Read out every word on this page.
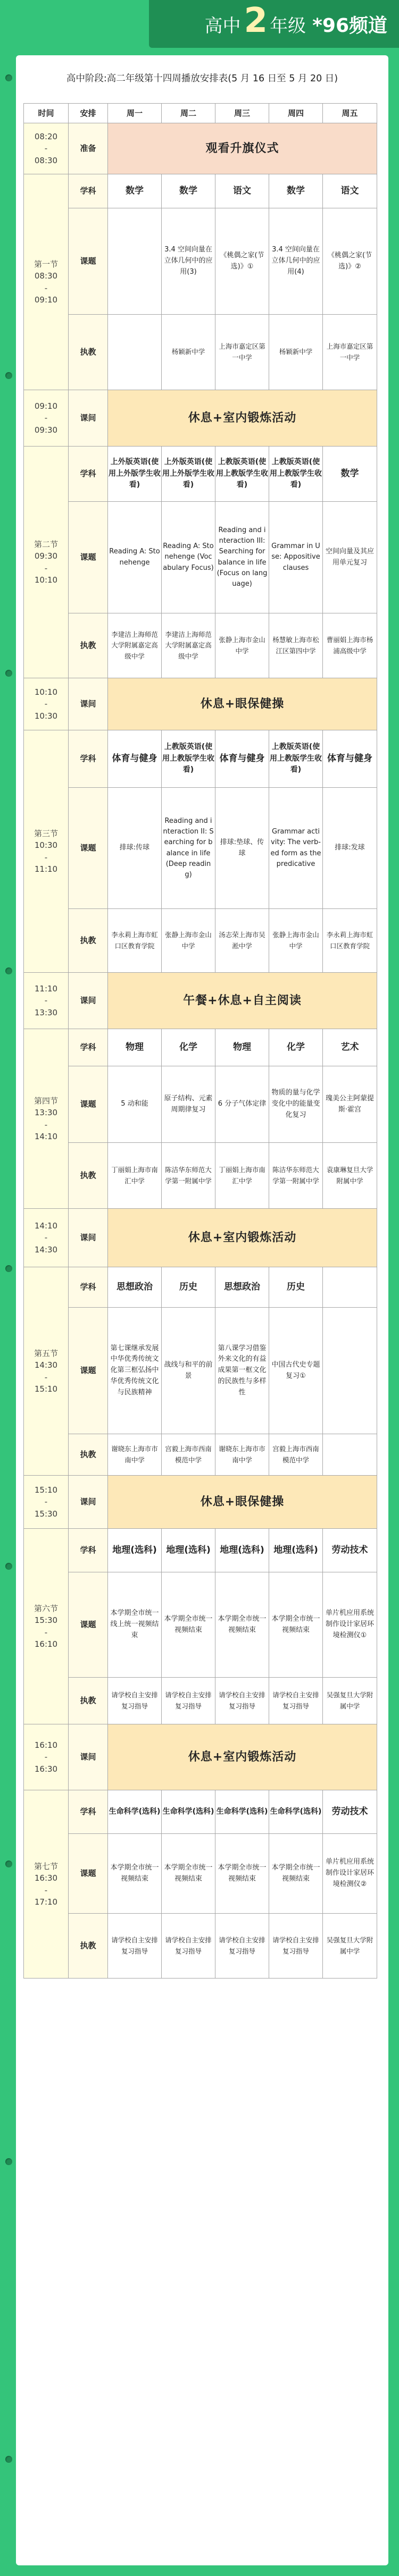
高中 2 年级 *96频道
高中阶段:高二年级第十四周播放安排表(5 月 16 日至 5 月 20 日)
时间	安排	周一	周二	周三	周四	周五
08:20
-
08:30	准备	观看升旗仪式				
第一节
08:30
-
09:10	学科	数学	数学	语文	数学	语文
	课题		3.4 空间向量在立体几何中的应用(3)	《桃偶之家(节选)》①	3.4 空间向量在立体几何中的应用(4)	《桃偶之家(节选)》②
	执教		杨颖新中学	上海市嘉定区第一中学	杨颖新中学	上海市嘉定区第一中学
09:10
-
09:30	课间	休息+室内锻炼活动				
第二节
09:30
-
10:10	学科	上外版英语(使用上外版学生收看)	上外版英语(使用上外版学生收看)	上教版英语(使用上教版学生收看)	上教版英语(使用上教版学生收看)	数学
	课题	Reading A: Stonehenge	Reading A: Stonehenge (Vocabulary Focus)	Reading and interaction III: Searching for balance in life (Focus on language)	Grammar in Use: Appositive clauses	空间向量及其应用单元复习
	执教	李建洁上海师范大学附属嘉定高级中学	李建洁上海师范大学附属嘉定高级中学	张静上海市金山中学	杨慧敏上海市松江区第四中学	曹丽娟上海市杨浦高级中学
10:10
-
10:30	课间	休息+眼保健操				
第三节
10:30
-
11:10	学科	体育与健身	上教版英语(使用上教版学生收看)	体育与健身	上教版英语(使用上教版学生收看)	体育与健身
	课题	排球:传球	Reading and interaction II: Searching for balance in life (Deep reading)	排球:垫球、传球	Grammar activity: The verb-ed form as the predicative	排球:发球
	执教	李永莉上海市虹口区教育学院	张静上海市金山中学	汤志荣上海市吴淞中学	张静上海市金山中学	李永莉上海市虹口区教育学院
11:10
-
13:30	课间	午餐+休息+自主阅读				
第四节
13:30
-
14:10	学科	物理	化学	物理	化学	艺术
	课题	5 动和能	原子结构、元素周期律复习	6 分子气体定律	物质的量与化学变化中的能量变化复习	瑰美公主阿蒙提斯·霍宫
	执教	丁丽娟上海市南汇中学	陈洁华东师范大学第一附属中学	丁丽娟上海市南汇中学	陈洁华东师范大学第一附属中学	袁康琳复旦大学附属中学
14:10
-
14:30	课间	休息+室内锻炼活动				
第五节
14:30
-
15:10	学科	思想政治	历史	思想政治	历史	
	课题	第七课继承发展中华优秀传统文化第三框弘扬中华优秀传统文化与民族精神	战线与和平的前景	第八课学习借鉴外来文化的有益成果第一框文化的民族性与多样性	中国古代史专题复习①	
	执教	谢晓东上海市市南中学	宫毅上海市西南模范中学	谢晓东上海市市南中学	宫毅上海市西南模范中学	
15:10
-
15:30	课间	休息+眼保健操				
第六节
15:30
-
16:10	学科	地理(选科)	地理(选科)	地理(选科)	地理(选科)	劳动技术
	课题	本学期全市统一线上统一视频结束	本学期全市统一视频结束	本学期全市统一视频结束	本学期全市统一视频结束	单片机应用系统制作设计家居环境检测仪①
	执教	请学校自主安排复习指导	请学校自主安排复习指导	请学校自主安排复习指导	请学校自主安排复习指导	吴强复旦大学附属中学
16:10
-
16:30	课间	休息+室内锻炼活动				
第七节
16:30
-
17:10	学科	生命科学(选科)	生命科学(选科)	生命科学(选科)	生命科学(选科)	劳动技术
	课题	本学期全市统一视频结束	本学期全市统一视频结束	本学期全市统一视频结束	本学期全市统一视频结束	单片机应用系统制作设计家居环境检测仪②
	执教	请学校自主安排复习指导	请学校自主安排复习指导	请学校自主安排复习指导	请学校自主安排复习指导	吴强复旦大学附属中学
